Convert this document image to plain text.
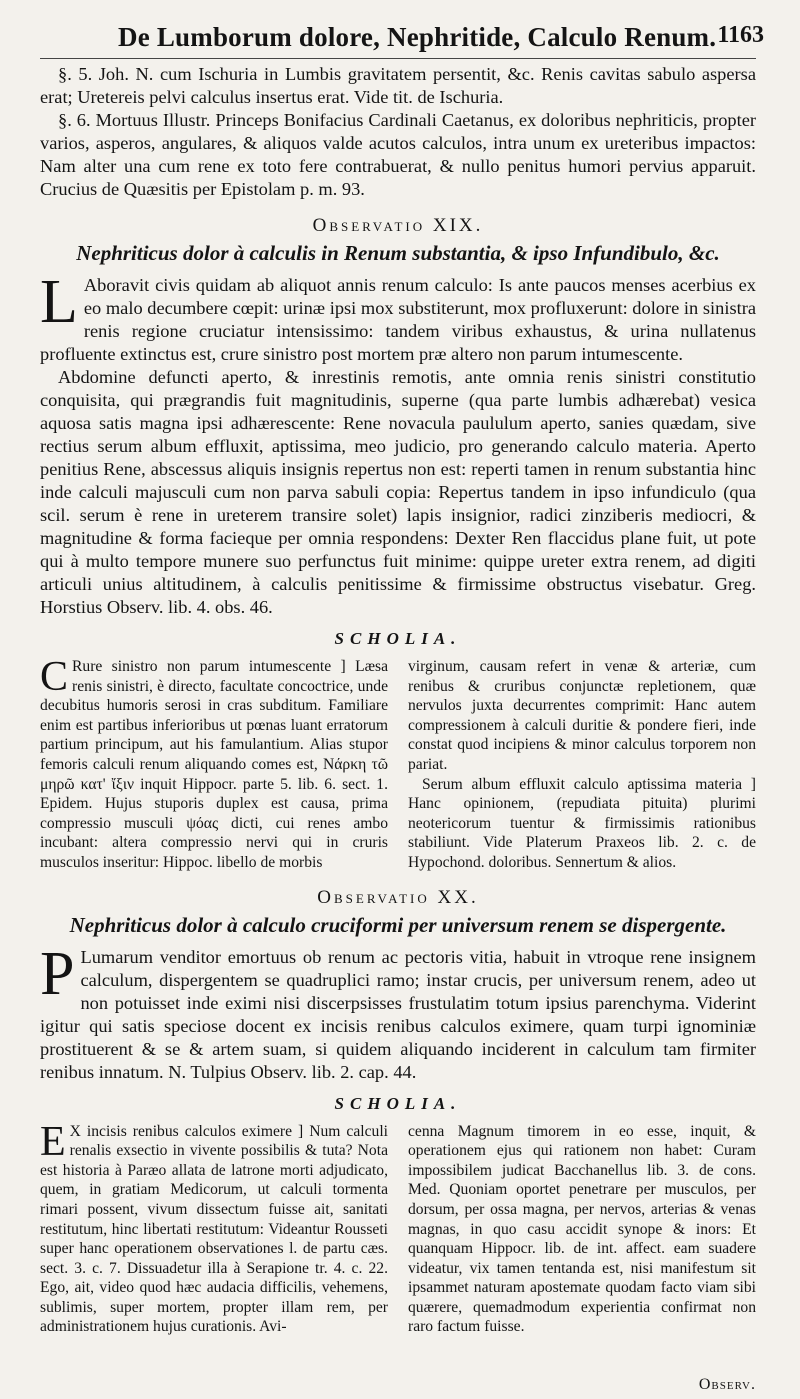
De Lumborum dolore, Nephritide, Calculo Renum. 1163

§. 5. Joh. N. cum Ischuria in Lumbis gravitatem persentit, &c. Renis cavitas sabulo aspersa erat; Uretereis pelvi calculus insertus erat. Vide tit. de Ischuria.

§. 6. Mortuus Illustr. Princeps Bonifacius Cardinali Caetanus, ex doloribus nephriticis, propter varios, asperos, angulares, & aliquos valde acutos calculos, intra unum ex ureteribus impactos: Nam alter una cum rene ex toto fere contrabuerat, & nullo penitus humori pervius apparuit. Crucius de Quæsitis per Epistolam p. m. 93.

Observatio XIX.
Nephriticus dolor à calculis in Renum substantia, & ipso Infundibulo, &c.

L Aboravit civis quidam ab aliquot annis renum calculo: Is ante paucos menses acerbius ex eo malo decumbere cœpit: urinæ ipsi mox substiterunt, mox profluxerunt: dolore in sinistra renis regione cruciatur intensissimo: tandem viribus exhaustus, & urina nullatenus profluente extinctus est, crure sinistro post mortem præ altero non parum intumescente.

Abdomine defuncti aperto, & inrestinis remotis, ante omnia renis sinistri constitutio conquisita, qui prægrandis fuit magnitudinis, superne (qua parte lumbis adhærebat) vesica aquosa satis magna ipsi adhærescente: Rene novacula paululum aperto, sanies quædam, sive rectius serum album effluxit, aptissima, meo judicio, pro generando calculo materia. Aperto penitius Rene, abscessus aliquis insignis repertus non est: reperti tamen in renum substantia hinc inde calculi majusculi cum non parva sabuli copia: Repertus tandem in ipso infundiculo (qua scil. serum è rene in ureterem transire solet) lapis insignior, radici zinziberis mediocri, & magnitudine & forma facieque per omnia respondens: Dexter Ren flaccidus plane fuit, ut pote qui à multo tempore munere suo perfunctus fuit minime: quippe ureter extra renem, ad digiti articuli unius altitudinem, à calculis penitissime & firmissime obstructus visebatur. Greg. Horstius Observ. lib. 4. obs. 46.

SCHOLIA.

C Rure sinistro non parum intumescente ] Læsa renis sinistri, è directo, facultate concoctrice, unde decubitus humoris serosi in cras subditum. Familiare enim est partibus inferioribus ut pœnas luant erratorum partium principum, aut his famulantium. Alias stupor femoris calculi renum aliquando comes est, Νάρκη τῶ μηρῶ κατ' ἴξιν inquit Hippocr. parte 5. lib. 6. sect. 1. Epidem. Hujus stuporis duplex est causa, prima compressio musculi ψόας dicti, cui renes ambo incubant: altera compressio nervi qui in cruris musculos inseritur: Hippoc. libello de morbis

virginum, causam refert in venæ & arteriæ, cum renibus & cruribus conjunctæ repletionem, quæ nervulos juxta decurrentes comprimit: Hanc autem compressionem à calculi duritie & pondere fieri, inde constat quod incipiens & minor calculus torporem non pariat.

Serum album effluxit calculo aptissima materia ] Hanc opinionem, (repudiata pituita) plurimi neotericorum tuentur & firmissimis rationibus stabiliunt. Vide Platerum Praxeos lib. 2. c. de Hypochond. doloribus. Sennertum & alios.

Observatio XX.
Nephriticus dolor à calculo cruciformi per universum renem se dispergente.

P Lumarum venditor emortuus ob renum ac pectoris vitia, habuit in vtroque rene insignem calculum, dispergentem se quadruplici ramo; instar crucis, per universum renem, adeo ut non potuisset inde eximi nisi discerpsisses frustulatim totum ipsius parenchyma. Viderint igitur qui satis speciose docent ex incisis renibus calculos eximere, quam turpi ignominiæ prostituerent & se & artem suam, si quidem aliquando inciderent in calculum tam firmiter renibus innatum. N. Tulpius Observ. lib. 2. cap. 44.

SCHOLIA.

E X incisis renibus calculos eximere ] Num calculi renalis exsectio in vivente possibilis & tuta? Nota est historia à Paræo allata de latrone morti adjudicato, quem, in gratiam Medicorum, ut calculi tormenta rimari possent, vivum dissectum fuisse ait, sanitati restitutum, hinc libertati restitutum: Videantur Rousseti super hanc operationem observationes l. de partu cæs. sect. 3. c. 7. Dissuadetur illa à Serapione tr. 4. c. 22. Ego, ait, video quod hæc audacia difficilis, vehemens, sublimis, super mortem, propter illam rem, per administrationem hujus curationis. Avi-

cenna Magnum timorem in eo esse, inquit, & operationem ejus qui rationem non habet: Curam impossibilem judicat Bacchanellus lib. 3. de cons. Med. Quoniam oportet penetrare per musculos, per dorsum, per ossa magna, per nervos, arterias & venas magnas, in quo casu accidit synope & inors: Et quanquam Hippocr. lib. de int. affect. eam suadere videatur, vix tamen tentanda est, nisi manifestum sit ipsammet naturam apostemate quodam facto viam sibi quærere, quemadmodum experientia confirmat non raro factum fuisse.

Observ.
